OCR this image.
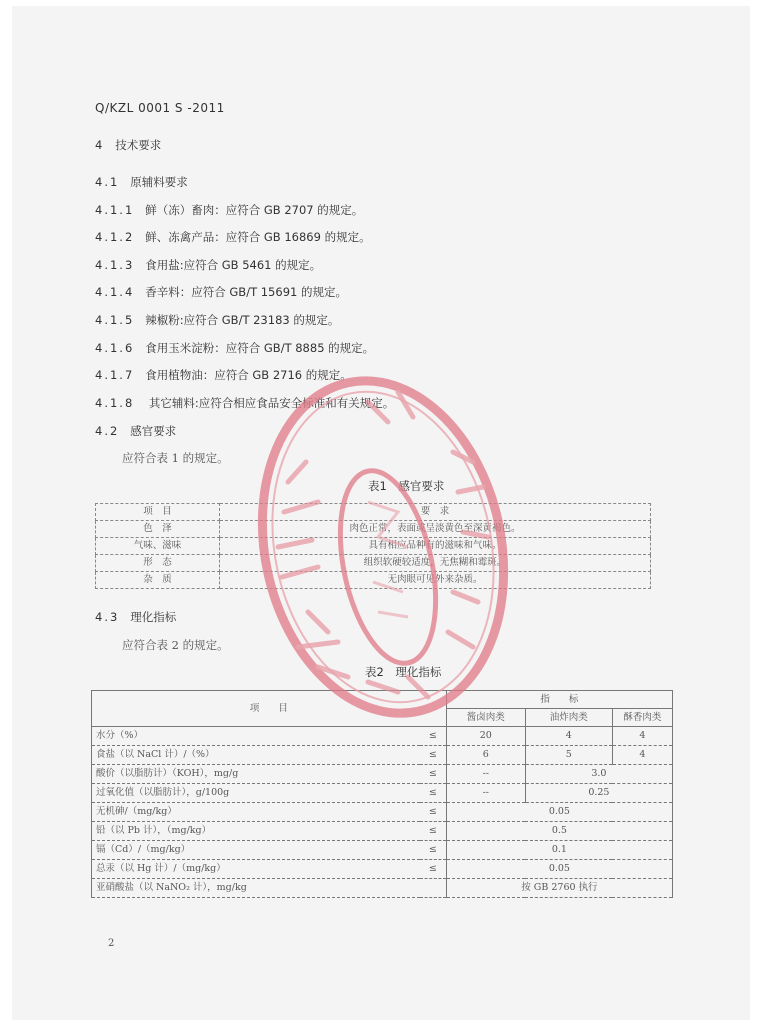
Q/KZL 0001 S -2011
4 技术要求
4.1 原辅料要求
4.1.1 鲜（冻）畜肉：应符合 GB 2707 的规定。
4.1.2 鲜、冻禽产品：应符合 GB 16869 的规定。
4.1.3 食用盐:应符合 GB 5461 的规定。
4.1.4 香辛料：应符合 GB/T 15691 的规定。
4.1.5 辣椒粉:应符合 GB/T 23183 的规定。
4.1.6 食用玉米淀粉：应符合 GB/T 8885 的规定。
4.1.7 食用植物油：应符合 GB 2716 的规定。
4.1.8 其它辅料:应符合相应食品安全标准和有关规定。
4.2 感官要求
应符合表 1 的规定。
表1　感官要求
项　目	要　求
色　泽	肉色正常，表面或呈淡黄色至深黄褐色。
气味、滋味	具有相应品种有的滋味和气味。
形　态	组织软硬较适度，无焦糊和霉斑。
杂　质	无肉眼可见外来杂质。
4.3 理化指标
应符合表 2 的规定。
表2　理化指标
项　　目		指　　标		
		酱卤肉类	油炸肉类	酥香肉类
水分（%）	≤	20	4	4
食盐（以 NaCl 计）/（%）	≤	6	5	4
酸价（以脂肪计）（KOH），mg/g	≤	--	3.0	
过氧化值（以脂肪计），g/100g	≤	--	0.25	
无机砷/（mg/kg）	≤	0.05		
铅（以 Pb 计），（mg/kg）	≤	0.5		
镉（Cd）/（mg/kg）	≤	0.1		
总汞（以 Hg 计）/（mg/kg）	≤	0.05		
亚硝酸盐（以 NaNO₂ 计），mg/kg		按 GB 2760 执行		
2
